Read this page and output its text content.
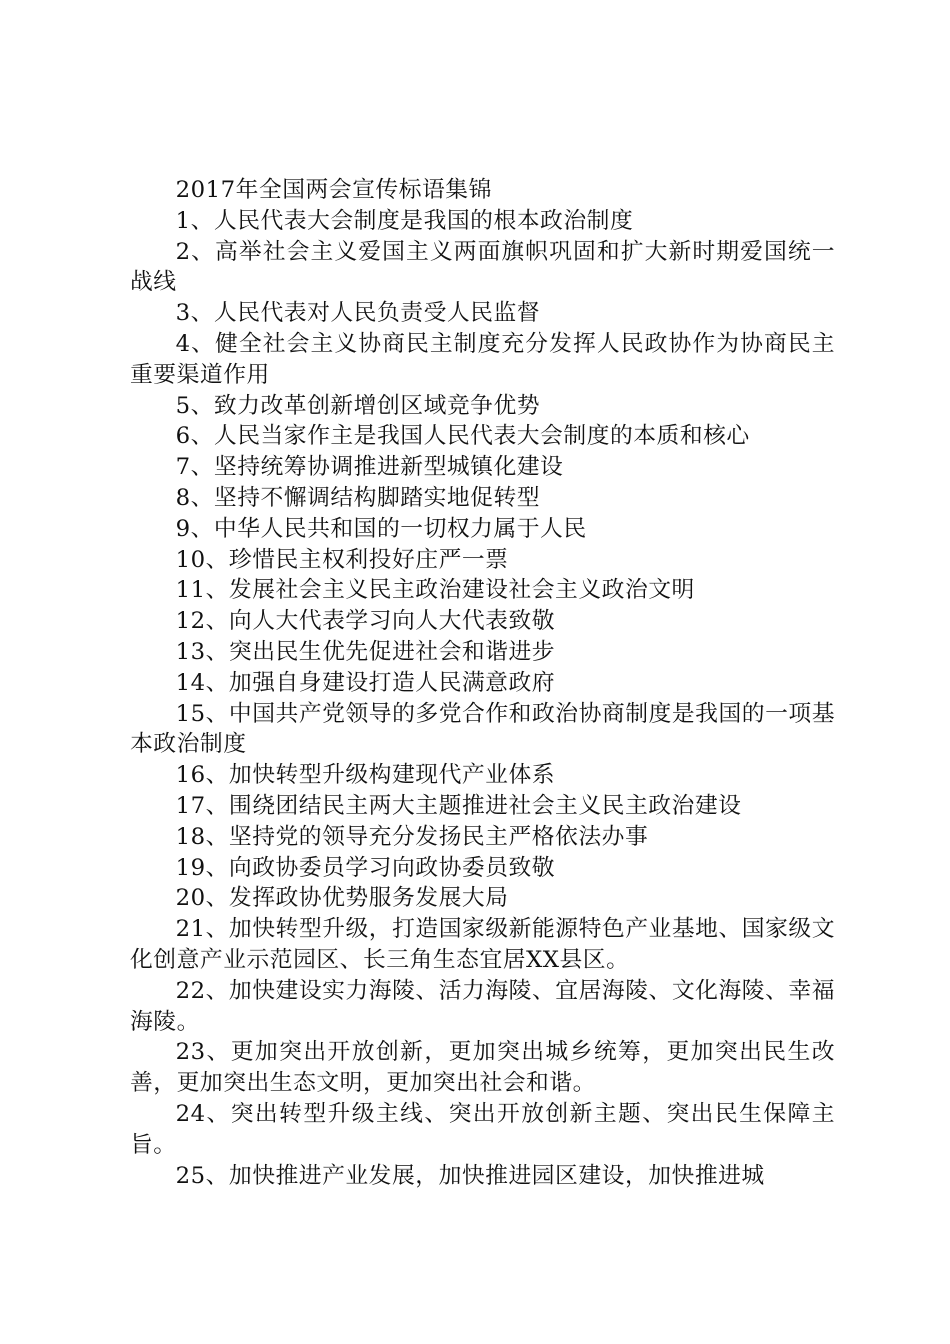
2017年全国两会宣传标语集锦

1、人民代表大会制度是我国的根本政治制度

2、高举社会主义爱国主义两面旗帜巩固和扩大新时期爱国统一战线

3、人民代表对人民负责受人民监督

4、健全社会主义协商民主制度充分发挥人民政协作为协商民主重要渠道作用

5、致力改革创新增创区域竞争优势

6、人民当家作主是我国人民代表大会制度的本质和核心

7、坚持统筹协调推进新型城镇化建设

8、坚持不懈调结构脚踏实地促转型

9、中华人民共和国的一切权力属于人民

10、珍惜民主权利投好庄严一票

11、发展社会主义民主政治建设社会主义政治文明

12、向人大代表学习向人大代表致敬

13、突出民生优先促进社会和谐进步

14、加强自身建设打造人民满意政府

15、中国共产党领导的多党合作和政治协商制度是我国的一项基本政治制度

16、加快转型升级构建现代产业体系

17、围绕团结民主两大主题推进社会主义民主政治建设

18、坚持党的领导充分发扬民主严格依法办事

19、向政协委员学习向政协委员致敬

20、发挥政协优势服务发展大局

21、加快转型升级，打造国家级新能源特色产业基地、国家级文化创意产业示范园区、长三角生态宜居XX县区。

22、加快建设实力海陵、活力海陵、宜居海陵、文化海陵、幸福海陵。

23、更加突出开放创新，更加突出城乡统筹，更加突出民生改善，更加突出生态文明，更加突出社会和谐。

24、突出转型升级主线、突出开放创新主题、突出民生保障主旨。

25、加快推进产业发展，加快推进园区建设，加快推进城
